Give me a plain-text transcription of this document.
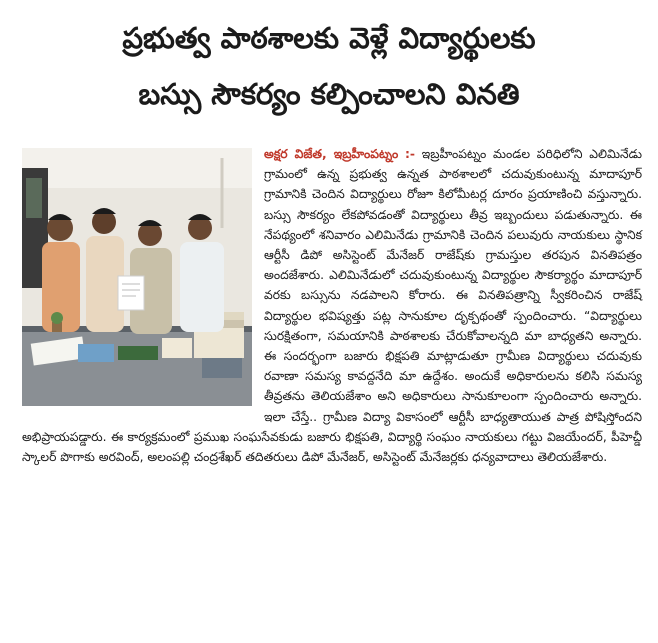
ప్రభుత్వ పాఠశాలకు వెళ్లే విద్యార్థులకు
బస్సు సౌకర్యం కల్పించాలని వినతి

అక్షర విజేత, ఇబ్రహీంపట్నం :- ఇబ్రహీంపట్నం మండల పరిధిలోని ఎలిమినేడు గ్రామంలో ఉన్న ప్రభుత్వ ఉన్నత పాఠశాలలో చదువుకుంటున్న మాదాపూర్ గ్రామానికి చెందిన విద్యార్థులు రోజూ కిలోమీటర్ల దూరం ప్రయాణించి వస్తున్నారు. బస్సు సౌకర్యం లేకపోవడంతో విద్యార్థులు తీవ్ర ఇబ్బందులు పడుతున్నారు. ఈ నేపథ్యంలో శనివారం ఎలిమినేడు గ్రామానికి చెందిన పలువురు నాయకులు స్థానిక ఆర్టీసీ డిపో అసిస్టెంట్ మేనేజర్ రాజేష్‌కు గ్రామస్తుల తరపున వినతిపత్రం అందజేశారు. ఎలిమినేడులో చదువుకుంటున్న విద్యార్థుల సౌకర్యార్థం మాదాపూర్ వరకు బస్సును నడపాలని కోరారు. ఈ వినతిపత్రాన్ని స్వీకరించిన రాజేష్ విద్యార్థుల భవిష్యత్తు పట్ల సానుకూల దృక్పథంతో స్పందించారు. “విద్యార్థులు సురక్షితంగా, సమయానికి పాఠశాలకు చేరుకోవాలన్నది మా బాధ్యతని అన్నారు. ఈ సందర్భంగా బజారు భిక్షపతి మాట్లాడుతూ గ్రామీణ విద్యార్థులు చదువుకు రవాణా సమస్య కావద్దనేది మా ఉద్దేశం. అందుకే అధికారులను కలిసి సమస్య తీవ్రతను తెలియజేశాం అని అధికారులు సానుకూలంగా స్పందించారు అన్నారు. ఇలా చేస్తే.. గ్రామీణ విద్యా వికాసంలో ఆర్టీసీ బాధ్యతాయుత పాత్ర పోషిస్తోందని అభిప్రాయపడ్డారు. ఈ కార్యక్రమంలో ప్రముఖ సంఘసేవకుడు బజారు భిక్షపతి, విద్యార్థి సంఘం నాయకులు గట్టు విజయేందర్, పీహెచ్డీ స్కాలర్ పొగాకు అరవింద్, అలంపల్లి చంద్రశేఖర్ తదితరులు డిపో మేనేజర్, అసిస్టెంట్ మేనేజర్లకు ధన్యవాదాలు తెలియజేశారు.
